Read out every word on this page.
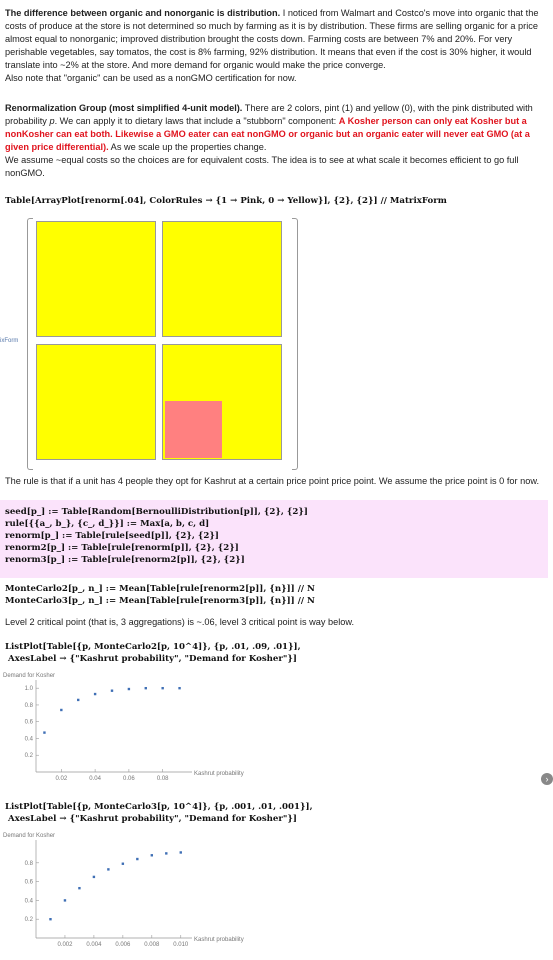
The difference between organic and nonorganic is distribution. I noticed from Walmart and Costco's move into organic that the costs of produce at the store is not determined so much by farming as it is by distribution. These firms are selling organic for a price almost equal to nonorganic; improved distribution brought the costs down. Farming costs are between 7% and 20%. For very perishable vegetables, say tomatos, the cost is 8% farming, 92% distribution. It means that even if the cost is 30% higher, it would translate into ~2% at the store. And more demand for organic would make the price converge.
Also note that "organic" can be used as a nonGMO certification for now.

Renormalization Group (most simplified 4-unit model). There are 2 colors, pint (1) and yellow (0), with the pink distributed with probability p. We can apply it to dietary laws that include a "stubborn" component: A Kosher person can only eat Kosher but a nonKosher can eat both. Likewise a GMO eater can eat nonGMO or organic but an organic eater will never eat GMO (at a given price differential). As we scale up the properties change.
We assume ~equal costs so the choices are for equivalent costs. The idea is to see at what scale it becomes efficient to go full nonGMO.

Table[ArrayPlot[renorm[.04], ColorRules → {1 → Pink, 0 → Yellow}], {2}, {2}] // MatrixForm
ixForm

The rule is that if a unit has 4 people they opt for Kashrut at a certain price point price point. We assume the price point is 0 for now.

seed[p_] := Table[Random[BernoulliDistribution[p]], {2}, {2}]
rule[{{a_, b_}, {c_, d_}}] := Max[a, b, c, d]
renorm[p_] := Table[rule[seed[p]], {2}, {2}]
renorm2[p_] := Table[rule[renorm[p]], {2}, {2}]
renorm3[p_] := Table[rule[renorm2[p]], {2}, {2}]
MonteCarlo2[p_, n_] := Mean[Table[rule[renorm2[p]], {n}]] // N
MonteCarlo3[p_, n_] := Mean[Table[rule[renorm3[p]], {n}]] // N

Level 2 critical point (that is, 3 aggregations) is ~.06, level 3 critical point is way below.

ListPlot[Table[{p, MonteCarlo2[p, 10^4]}, {p, .01, .09, .01}],
AxesLabel → {"Kashrut probability", "Demand for Kosher"}]
Demand for Kosher
0.2
0.4
0.6
0.8
1.0
0.02	0.04	0.06	0.08
Kashrut probability
ListPlot[Table[{p, MonteCarlo3[p, 10^4]}, {p, .001, .01, .001}],
AxesLabel → {"Kashrut probability", "Demand for Kosher"}]
Demand for Kosher
0.2
0.4
0.6
0.8
0.002 0.004 0.006 0.008 0.010
Kashrut probability
›
